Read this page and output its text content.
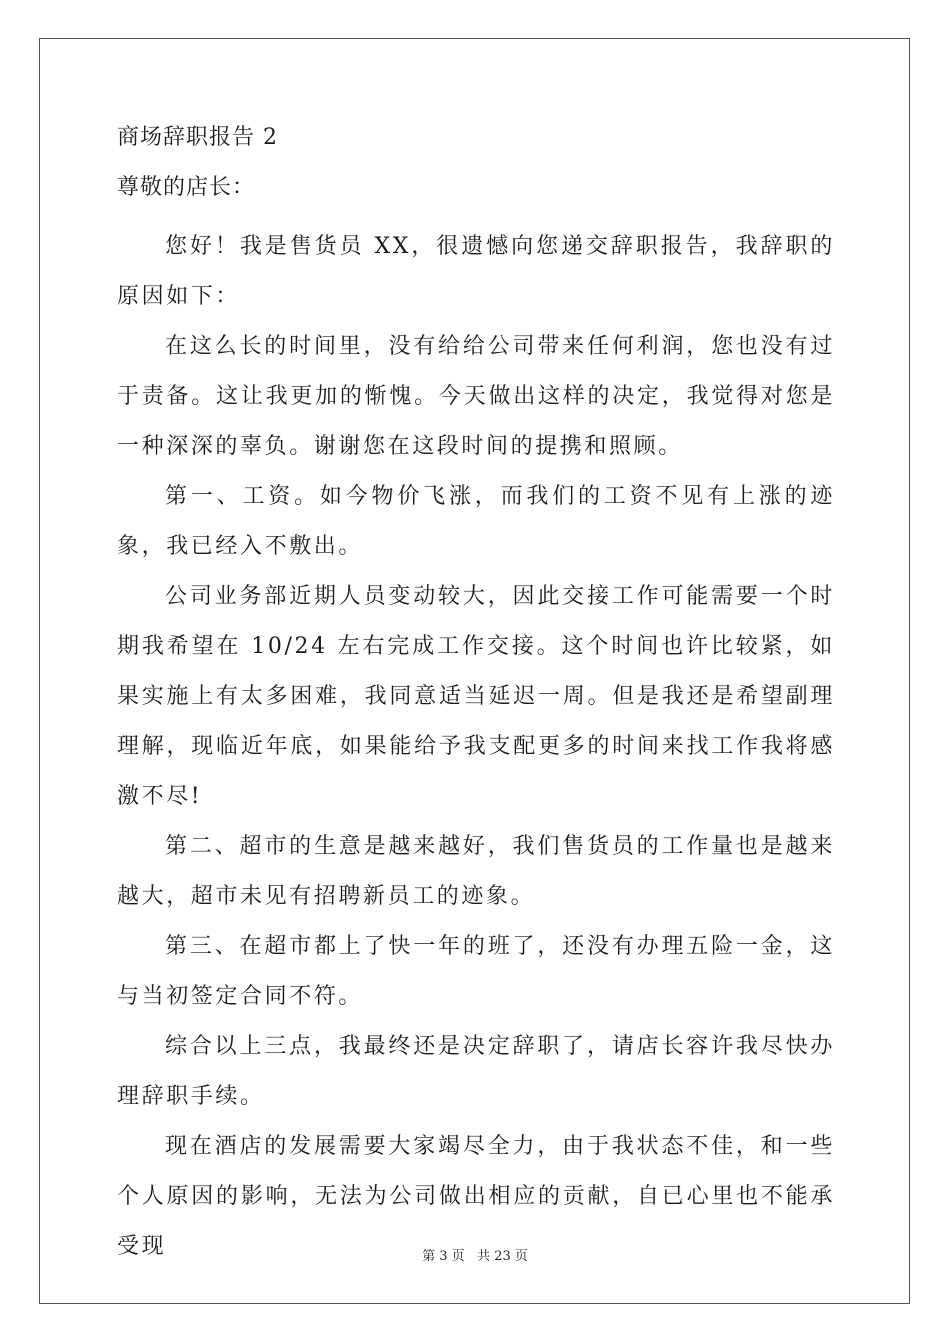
商场辞职报告 2

尊敬的店长：

您好！我是售货员 XX，很遗憾向您递交辞职报告，我辞职的原因如下：

在这么长的时间里，没有给给公司带来任何利润，您也没有过于责备。这让我更加的惭愧。今天做出这样的决定，我觉得对您是一种深深的辜负。谢谢您在这段时间的提携和照顾。

第一、工资。如今物价飞涨，而我们的工资不见有上涨的迹象，我已经入不敷出。

公司业务部近期人员变动较大，因此交接工作可能需要一个时期我希望在 10/24 左右完成工作交接。这个时间也许比较紧，如果实施上有太多困难，我同意适当延迟一周。但是我还是希望副理理解，现临近年底，如果能给予我支配更多的时间来找工作我将感激不尽!

第二、超市的生意是越来越好，我们售货员的工作量也是越来越大，超市未见有招聘新员工的迹象。

第三、在超市都上了快一年的班了，还没有办理五险一金，这与当初签定合同不符。

综合以上三点，我最终还是决定辞职了，请店长容许我尽快办理辞职手续。

现在酒店的发展需要大家竭尽全力，由于我状态不佳，和一些个人原因的影响，无法为公司做出相应的贡献，自已心里也不能承受现	第 3 页 共 23 页
